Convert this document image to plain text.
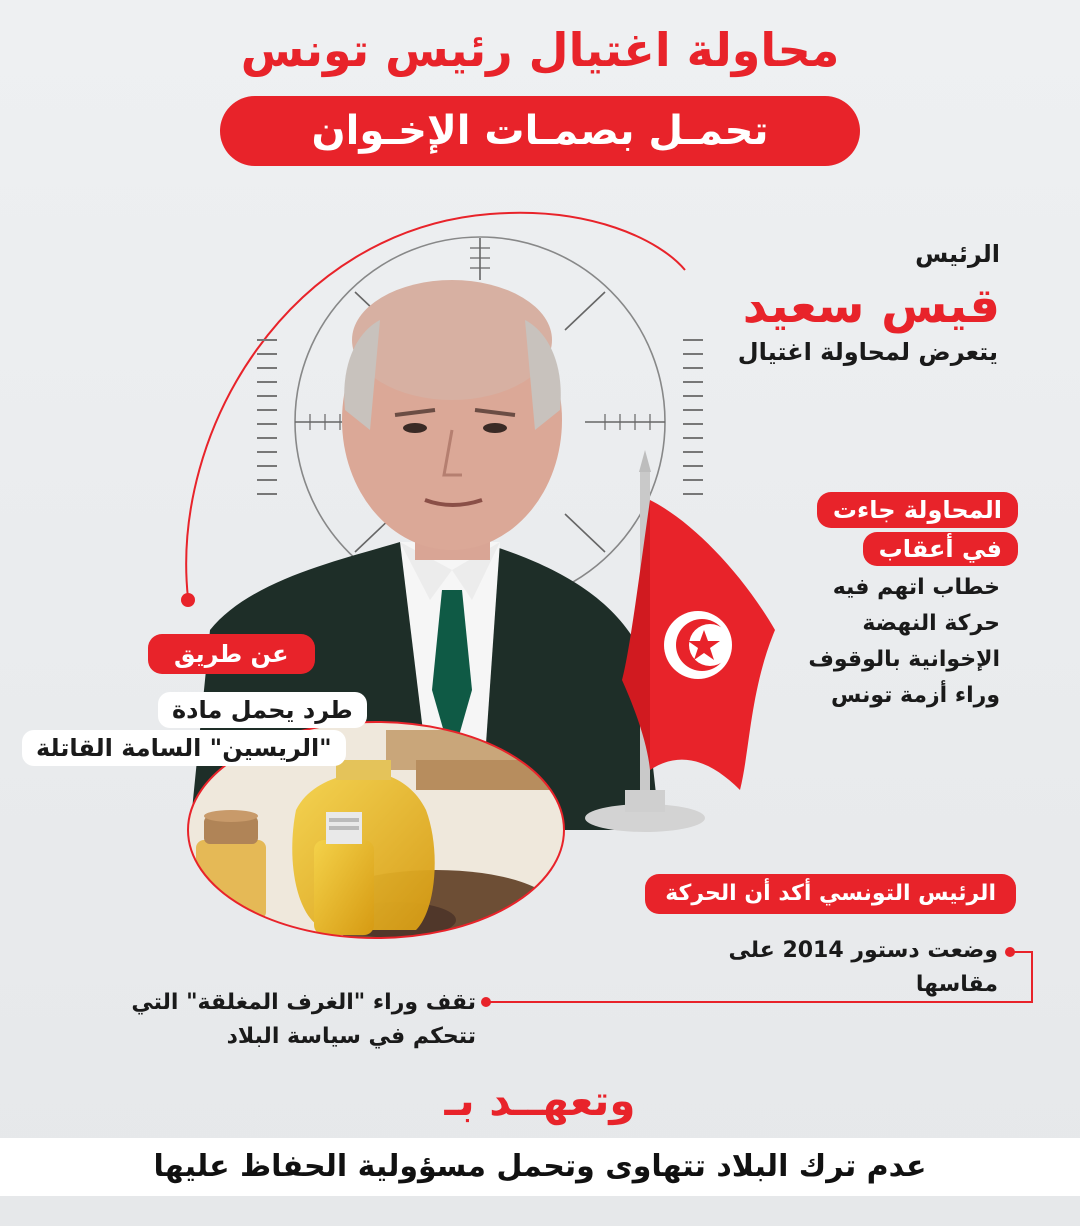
محاولة اغتيال رئيس تونس
تحمـل بصمـات الإخـوان
الرئيس
قيس سعيد
يتعرض لمحاولة اغتيال
المحاولة جاءت
في أعقاب
خطاب اتهم فيه
حركة النهضة
الإخوانية بالوقوف
وراء أزمة تونس
عن طريق
طرد يحمل مادة
"الريسين" السامة القاتلة
الرئيس التونسي أكد أن الحركة
وضعت دستور 2014 على
مقاسها
تقف وراء "الغرف المغلقة" التي
تتحكم في سياسة البلاد
وتعهــد بـ
عدم ترك البلاد تتهاوى وتحمل مسؤولية الحفاظ عليها
